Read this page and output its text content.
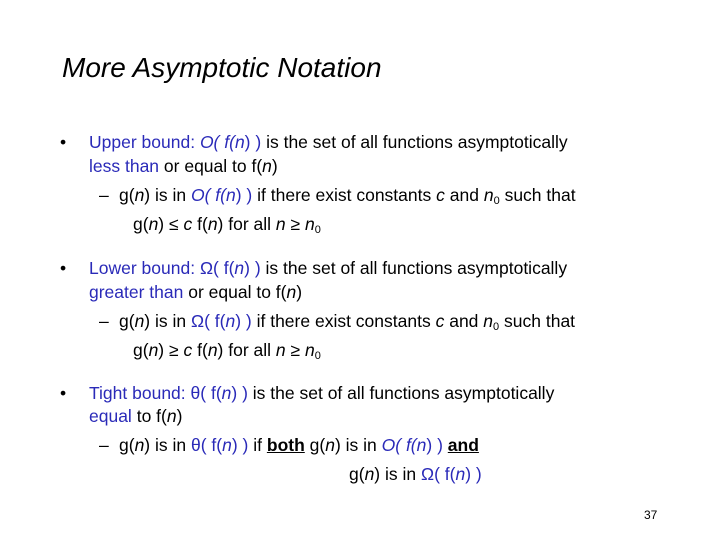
More Asymptotic Notation
• Upper bound: O( f(n) ) is the set of all functions asymptotically
less than or equal to f(n)
– g(n) is in O( f(n) ) if there exist constants c and $n_0$ such that
g(n) ≤ c f(n) for all $n \ge n_0$
• Lower bound: Ω( f(n) ) is the set of all functions asymptotically
greater than or equal to f(n)
– g(n) is in Ω( f(n) ) if there exist constants c and $n_0$ such that
g(n) ≥ c f(n) for all $n \ge n_0$
• Tight bound: θ( f(n) ) is the set of all functions asymptotically
equal to f(n)
– g(n) is in θ( f(n) ) if both g(n) is in O( f(n) ) and
g(n) is in Ω( f(n) )
37
